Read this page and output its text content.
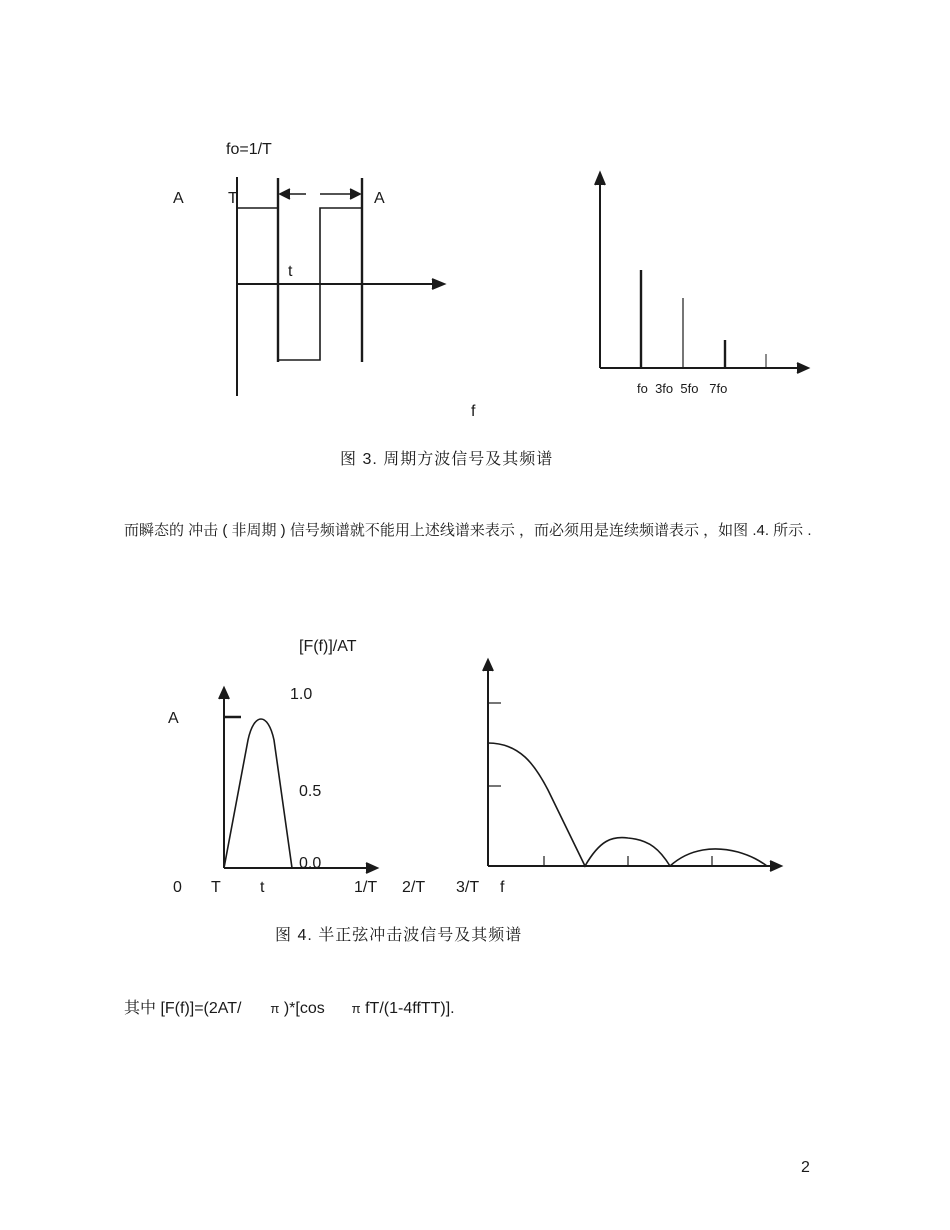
fo=1/T
A	T	A
t
fo  3fo  5fo   7fo
f
图 3. 周期方波信号及其频谱
而瞬态的 冲击 ( 非周期 ) 信号频谱就不能用上述线谱来表示 ，而必须用是连续频谱表示 ，如图 .4. 所示 .
[F(f)]/AT
1.0
A
0.5
0.0
0 T t	1/T 2/T 3/T f
图 4. 半正弦冲击波信号及其频谱
其中 [F(f)]=(2AT/ π )*[cos π fT/(1-4ffTT)].
2
